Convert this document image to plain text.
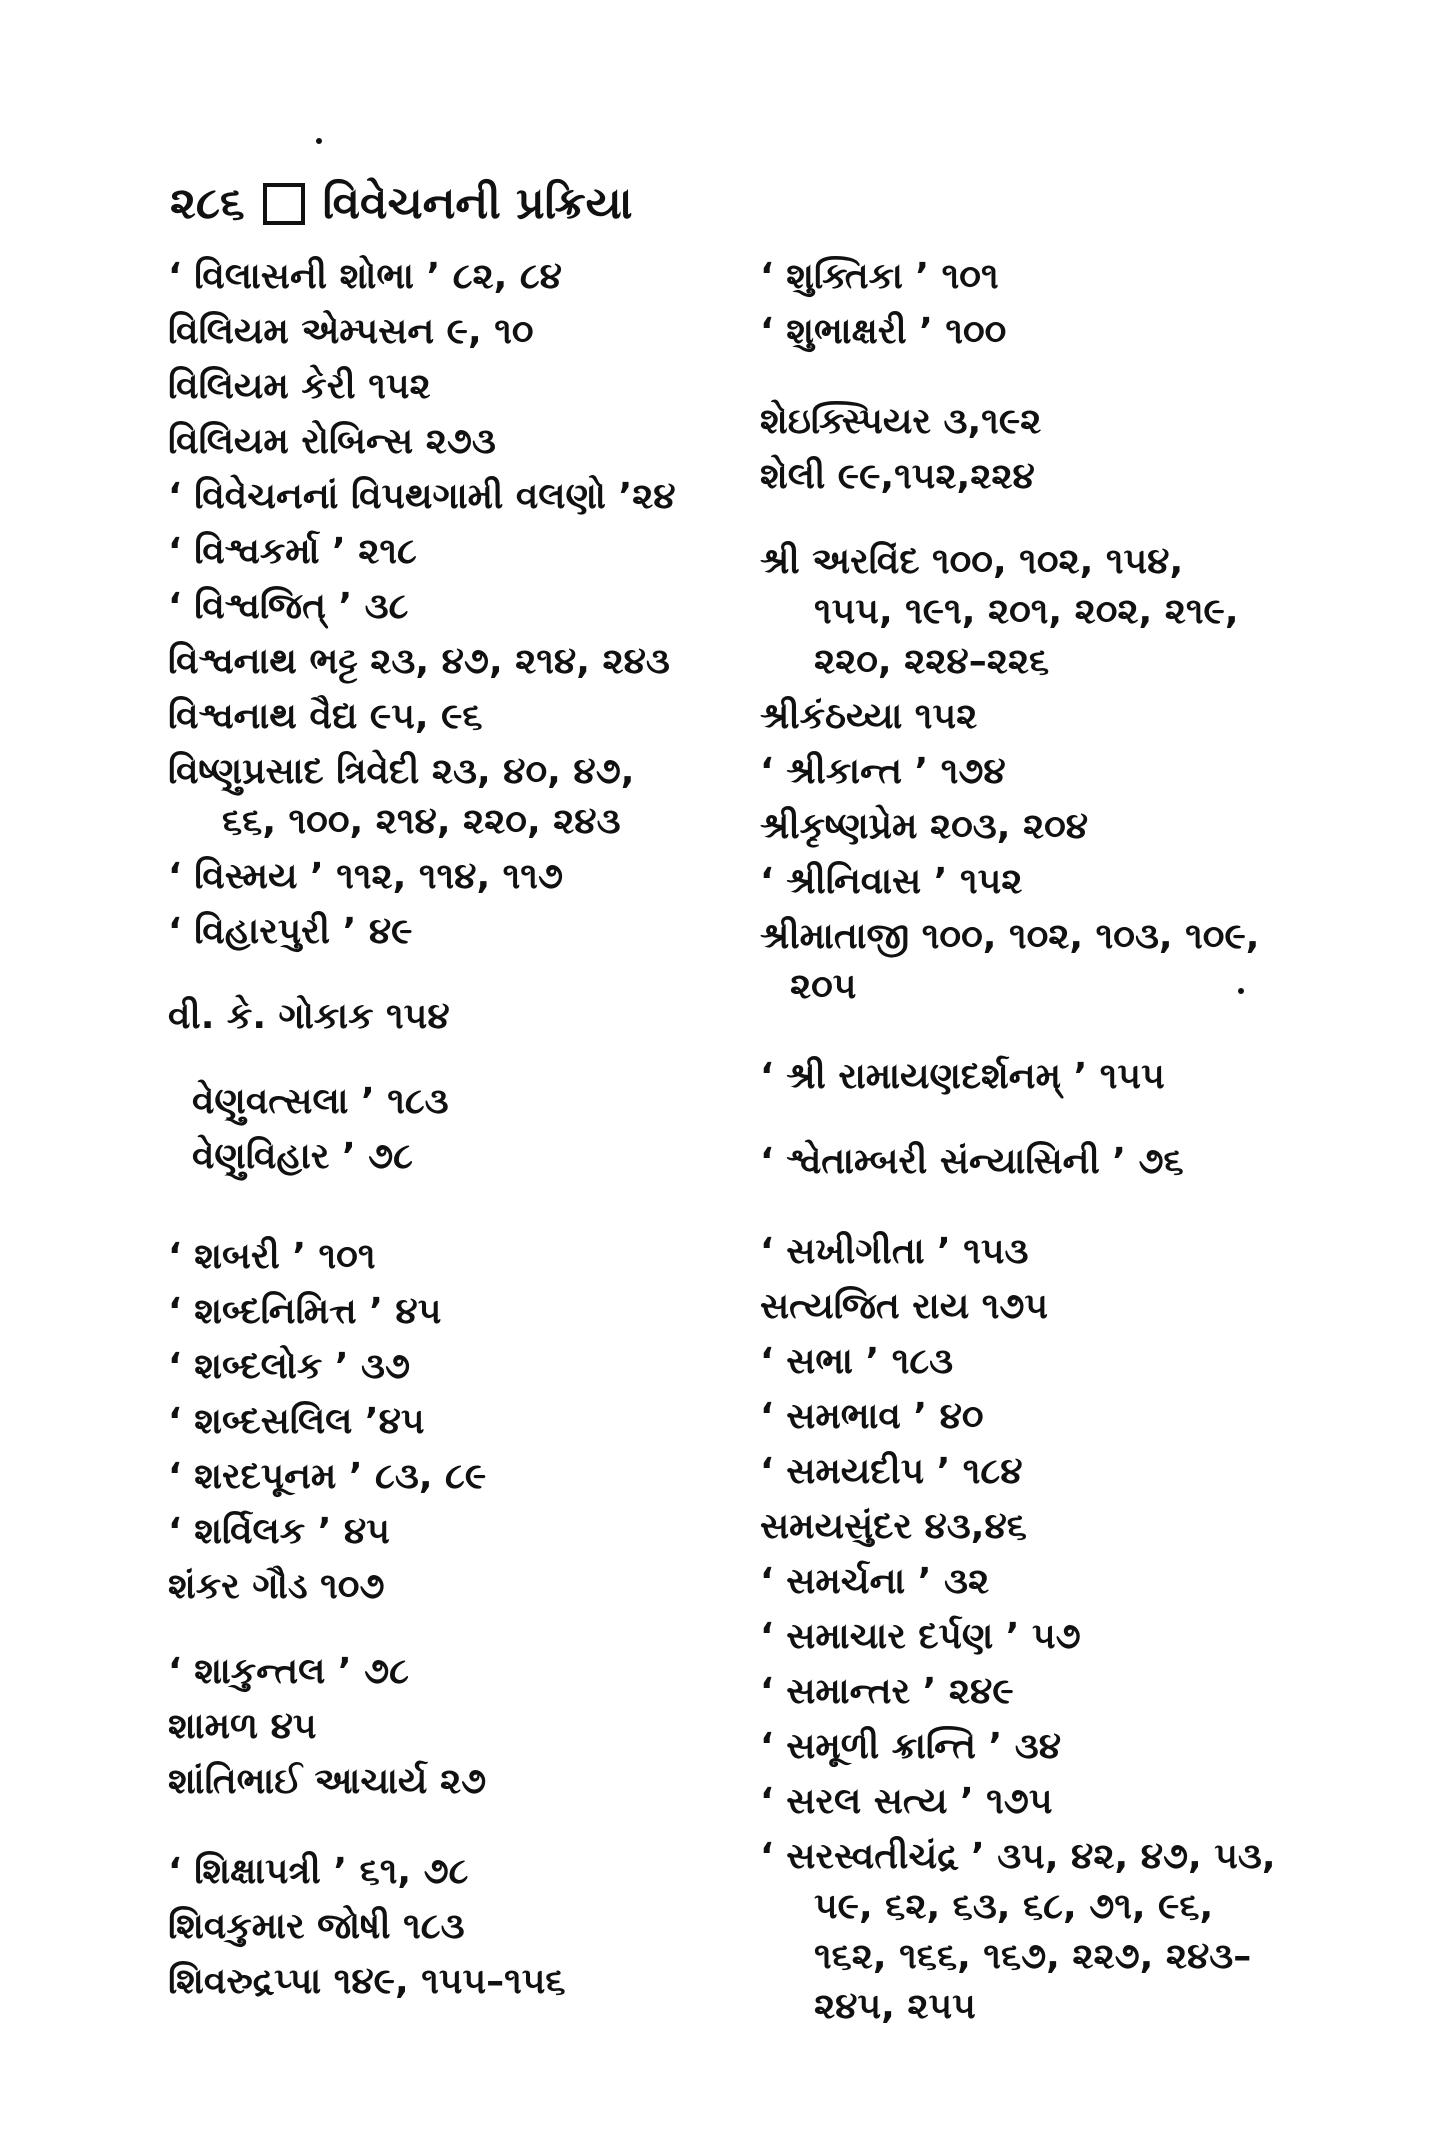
૨૮૬ વિવેચનની પ્રક્રિયા
‘ વિલાસની શોભા ’ ૮૨, ૮૪
વિલિયમ એમ્પસન ૯, ૧૦
વિલિયમ કેરી ૧૫૨
વિલિયમ રોબિન્સ ૨૭૩
‘ વિવેચનનાં વિપથગામી વલણો ’૨૪
‘ વિશ્વકર્મા ’ ૨૧૮
‘ વિશ્વજિત્ ’ ૩૮
વિશ્વનાથ ભટ્ટ ૨૩, ૪૭, ૨૧૪, ૨૪૩
વિશ્વનાથ વૈદ્ય ૯૫, ૯૬
વિષ્ણુપ્રસાદ ત્રિવેદી ૨૩, ૪૦, ૪૭,
૬૬, ૧૦૦, ૨૧૪, ૨૨૦, ૨૪૩
‘ વિસ્મય ’ ૧૧૨, ૧૧૪, ૧૧૭
‘ વિહારપુરી ’ ૪૯
વી. કે. ગોકાક ૧૫૪
વેણુવત્સલા ’ ૧૮૩
વેણુવિહાર ’ ૭૮
‘ શબરી ’ ૧૦૧
‘ શબ્દનિમિત્ત ’ ૪૫
‘ શબ્દલોક ’ ૩૭
‘ શબ્દસલિલ ’૪૫
‘ શરદપૂનમ ’ ૮૩, ૮૯
‘ શર્વિલક ’ ૪૫
શંકર ગૌડ ૧૦૭
‘ શાકુન્તલ ’ ૭૮
શામળ ૪૫
શાંતિભાઈ આચાર્ય ૨૭
‘ શિક્ષાપત્રી ’ ૬૧, ૭૮
શિવકુમાર જોષી ૧૮૩
શિવરુદ્રપ્પા ૧૪૯, ૧૫૫–૧૫૬
‘ શુક્તિકા ’ ૧૦૧
‘ શુભાક્ષરી ’ ૧૦૦
શેઇક્સ્પિયર ૩,૧૯૨
શેલી ૯૯,૧૫૨,૨૨૪
શ્રી અરવિંદ ૧૦૦, ૧૦૨, ૧૫૪,
૧૫૫, ૧૯૧, ૨૦૧, ૨૦૨, ૨૧૯,
૨૨૦, ૨૨૪–૨૨૬
શ્રીકંઠય્યા ૧૫૨
‘ શ્રીકાન્ત ’ ૧૭૪
શ્રીકૃષ્ણપ્રેમ ૨૦૩, ૨૦૪
‘ શ્રીનિવાસ ’ ૧૫૨
શ્રીમાતાજી ૧૦૦, ૧૦૨, ૧૦૩, ૧૦૯,
૨૦૫
‘ શ્રી રામાયણદર્શનમ્ ’ ૧૫૫
‘ શ્વેતામ્બરી સંન્યાસિની ’ ૭૬
‘ સખીગીતા ’ ૧૫૩
સત્યજિત રાય ૧૭૫
‘ સભા ’ ૧૮૩
‘ સમભાવ ’ ૪૦
‘ સમયદીપ ’ ૧૮૪
સમયસુંદર ૪૩,૪૬
‘ સમર્ચના ’ ૩૨
‘ સમાચાર દર્પણ ’ ૫૭
‘ સમાન્તર ’ ૨૪૯
‘ સમૂળી ક્રાન્તિ ’ ૩૪
‘ સરલ સત્ય ’ ૧૭૫
‘ સરસ્વતીચંદ્ર ’ ૩૫, ૪૨, ૪૭, ૫૩,
૫૯, ૬૨, ૬૩, ૬૮, ૭૧, ૯૬,
૧૬૨, ૧૬૬, ૧૬૭, ૨૨૭, ૨૪૩–
૨૪૫, ૨૫૫
